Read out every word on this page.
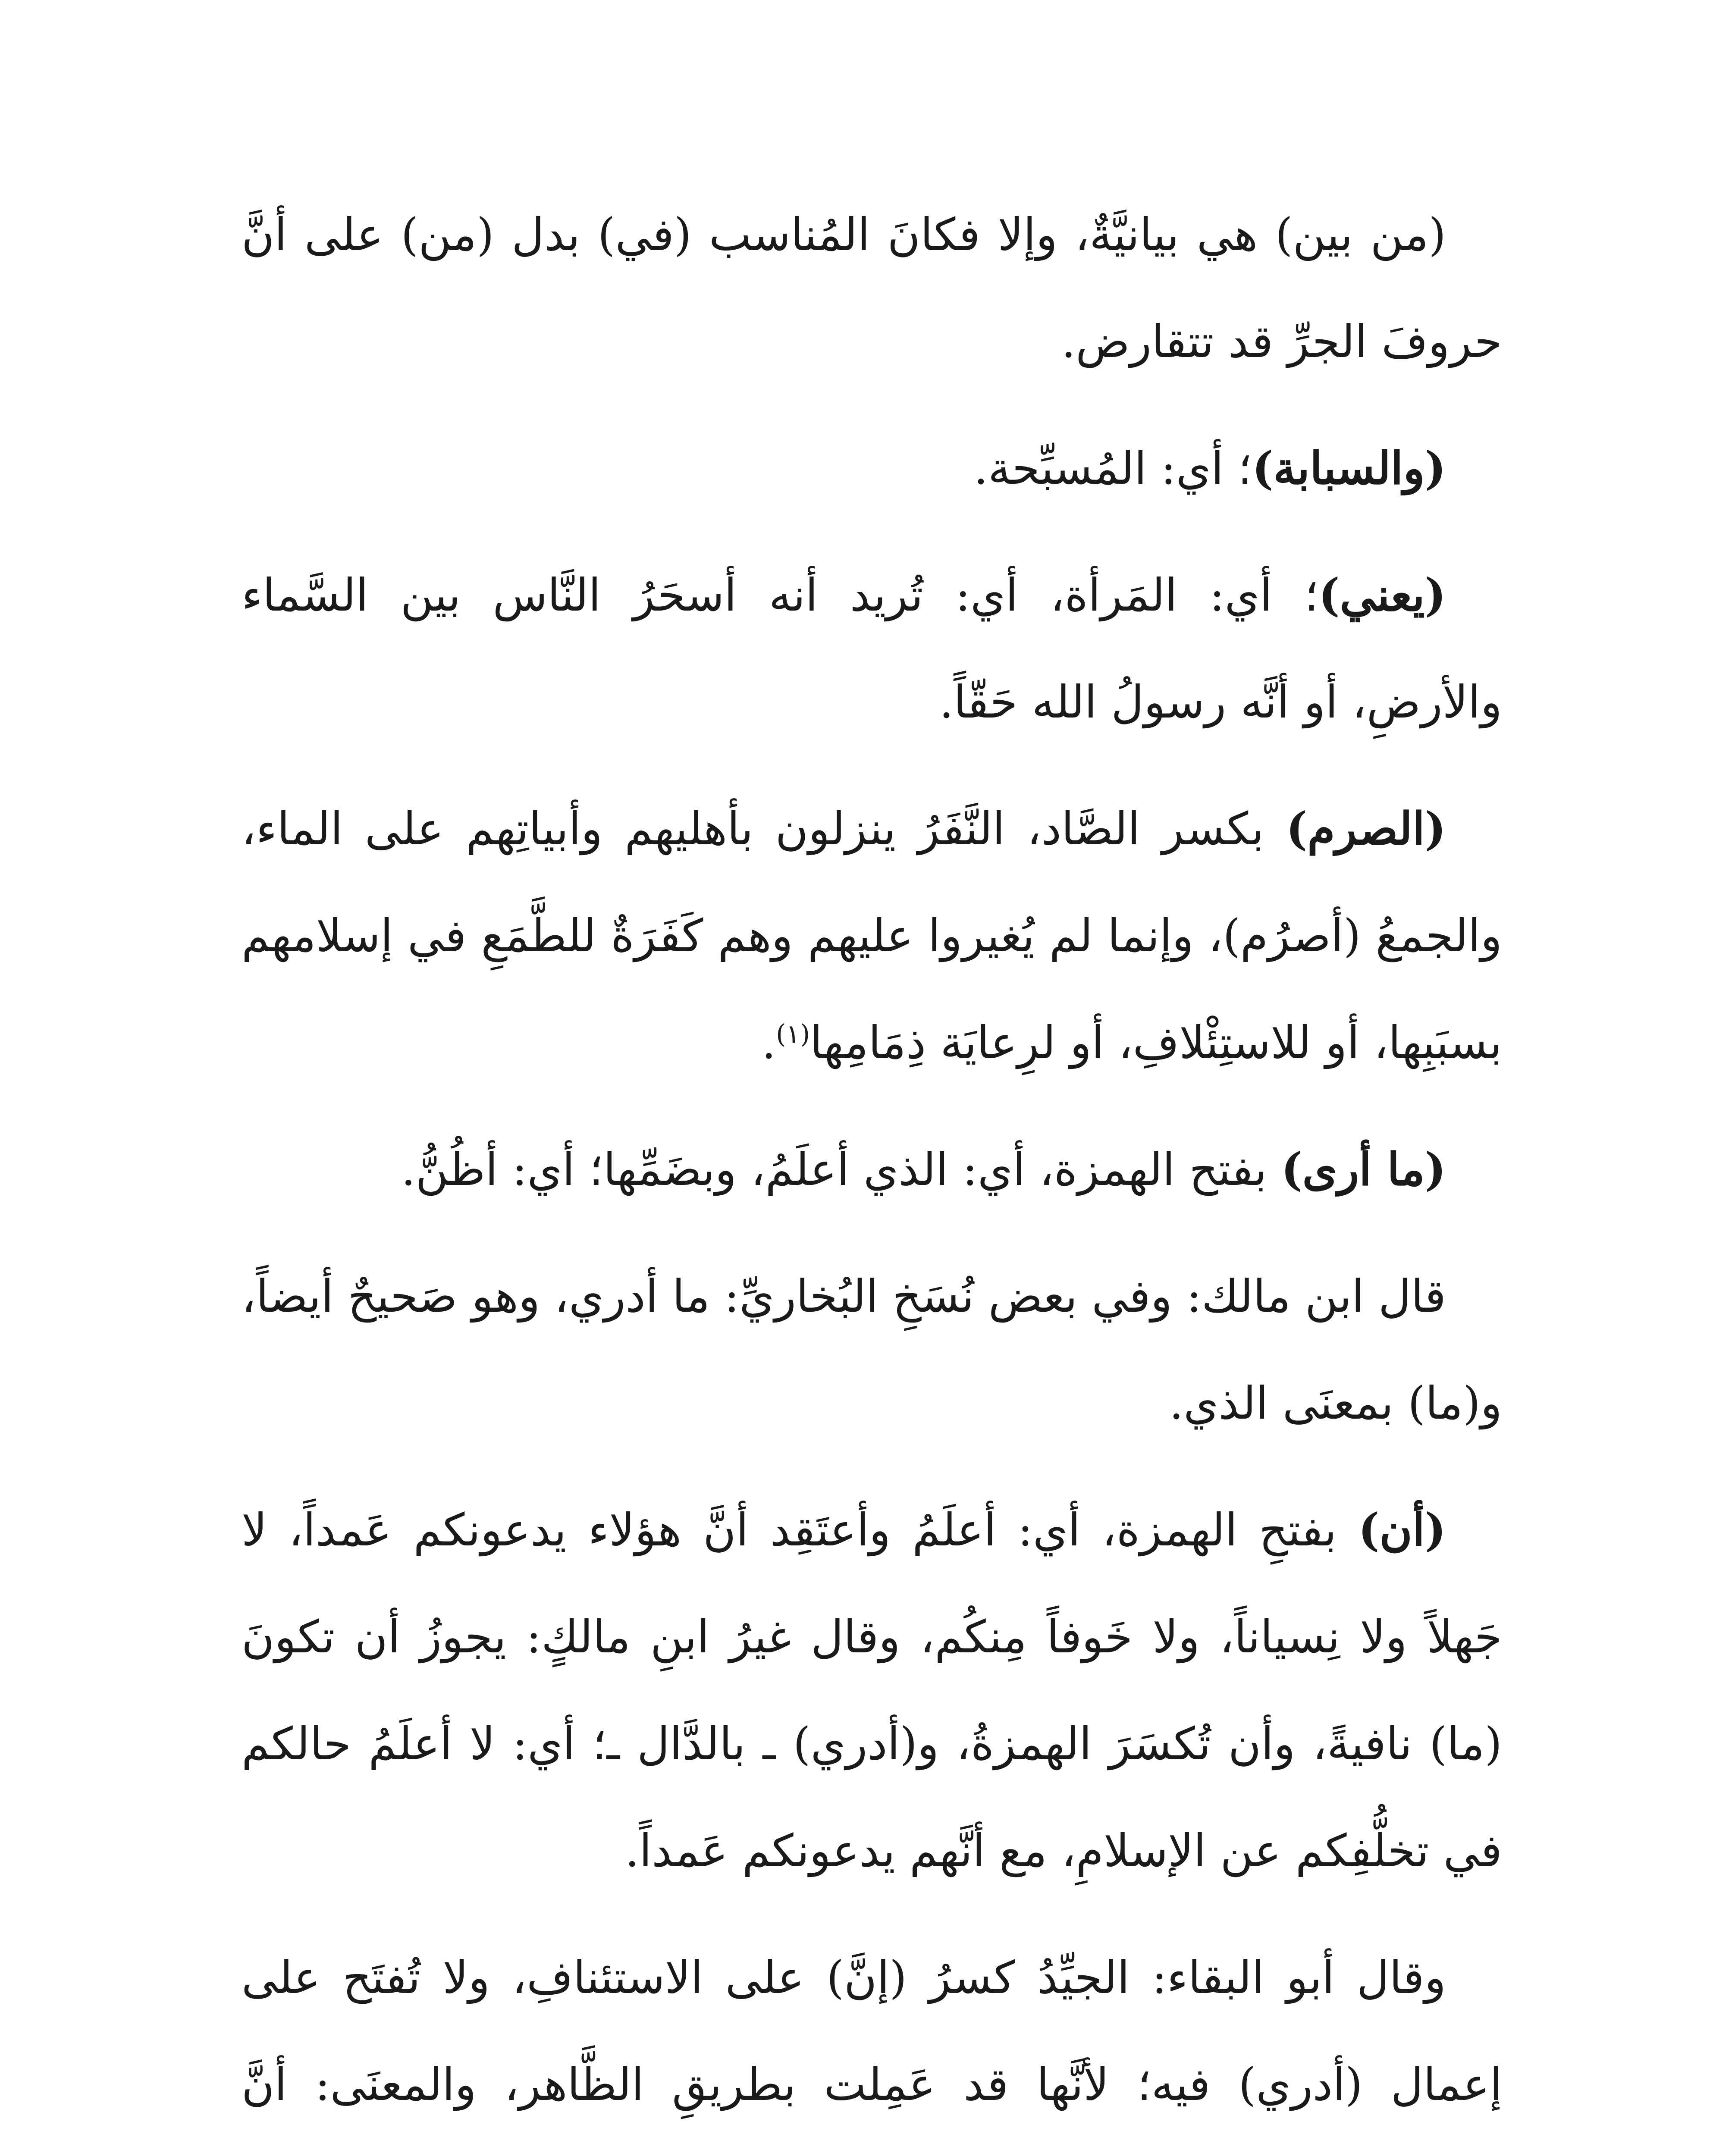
(من بين) هي بيانيَّةٌ، وإلا فكانَ المُناسب (في) بدل (من) على أنَّ حروفَ الجرِّ قد تتقارض.

(والسبابة)؛ أي: المُسبِّحة.

(يعني)؛ أي: المَرأة، أي: تُريد أنه أسحَرُ النَّاس بين السَّماء والأرضِ، أو أنَّه رسولُ الله حَقّاً.

(الصرم) بكسر الصَّاد، النَّفَرُ ينزلون بأهليهم وأبياتِهم على الماء، والجمعُ (أصرُم)، وإنما لم يُغيروا عليهم وهم كَفَرَةٌ للطَّمَعِ في إسلامهم بسبَبِها، أو للاستِئْلافِ، أو لرِعايَة ذِمَامِها$^{(١)}$.

(ما أرى) بفتح الهمزة، أي: الذي أعلَمُ، وبضَمِّها؛ أي: أظُنُّ.

قال ابن مالك: وفي بعض نُسَخِ البُخاريِّ: ما أدري، وهو صَحيحٌ أيضاً، و(ما) بمعنَى الذي.

(أن) بفتحِ الهمزة، أي: أعلَمُ وأعتَقِد أنَّ هؤلاء يدعونكم عَمداً، لا جَهلاً ولا نِسياناً، ولا خَوفاً مِنكُم، وقال غيرُ ابنِ مالكٍ: يجوزُ أن تكونَ (ما) نافيةً، وأن تُكسَرَ الهمزةُ، و(أدري) ـ بالدَّال ـ؛ أي: لا أعلَمُ حالكم في تخلُّفِكم عن الإسلامِ، مع أنَّهم يدعونكم عَمداً.

وقال أبو البقاء: الجيِّدُ كسرُ (إنَّ) على الاستئنافِ، ولا تُفتَح على إعمال (أدري) فيه؛ لأنَّها قد عَمِلت بطريقِ الظَّاهر، والمعنَى: أنَّ
